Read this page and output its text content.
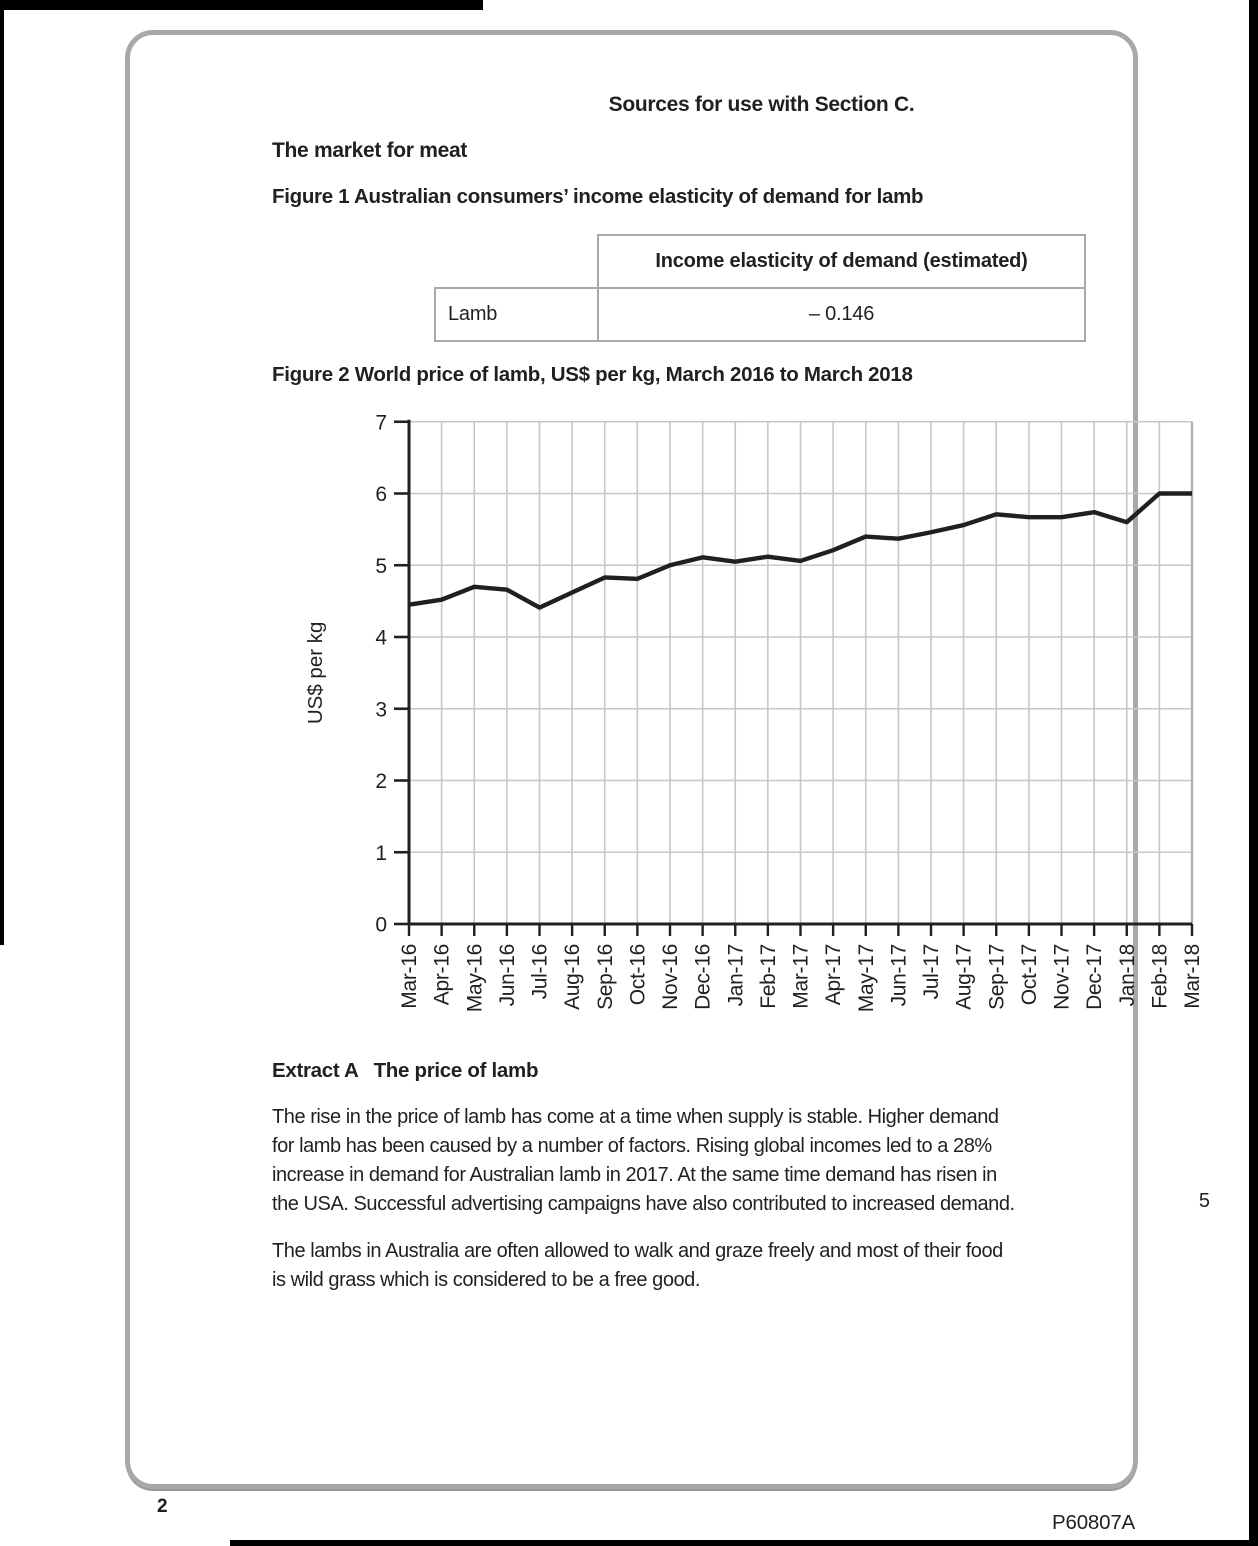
Sources for use with Section C.
The market for meat
Figure 1 Australian consumers’ income elasticity of demand for lamb
Income elasticity of demand (estimated)
Lamb	– 0.146
Figure 2 World price of lamb, US$ per kg, March 2016 to March 2018
0
1
2
3
4
5
6
7
Mar-16 Apr-16 May-16 Jun-16 Jul-16 Aug-16 Sep-16 Oct-16 Nov-16 Dec-16 Jan-17 Feb-17 Mar-17 Apr-17 May-17 Jun-17 Jul-17 Aug-17 Sep-17 Oct-17 Nov-17 Dec-17 Jan-18 Feb-18 Mar-18
US$ per kg
Extract A The price of lamb
The rise in the price of lamb has come at a time when supply is stable. Higher demand
for lamb has been caused by a number of factors. Rising global incomes led to a 28%
increase in demand for Australian lamb in 2017. At the same time demand has risen in
the USA. Successful advertising campaigns have also contributed to increased demand.	5
The lambs in Australia are often allowed to walk and graze freely and most of their food
is wild grass which is considered to be a free good.
2
P60807A
